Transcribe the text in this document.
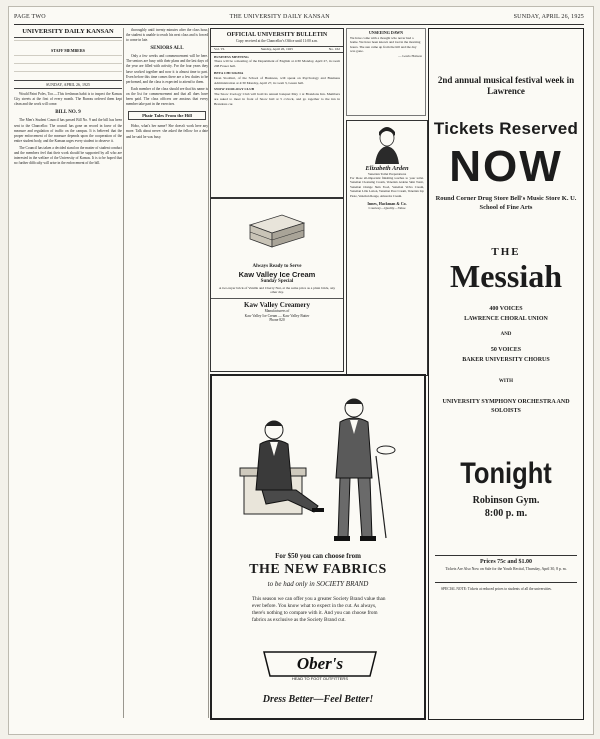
PAGE TWO	THE UNIVERSITY DAILY KANSAN	SUNDAY, APRIL 26, 1925
UNIVERSITY DAILY KANSAN
STAFF MEMBERS
SUNDAY, APRIL 26, 1925

Would Paint Poles, Too.—This freshman habit is to inspect the Kansas City streets at the first of every month. The Bureau ordered them kept clean and the work will come.

BILL NO. 9

The Men's Student Council has passed Bill No. 9 and the bill has been sent to the Chancellor. The council has gone on record in favor of the measure and regulation of traffic on the campus. It is believed that the proper enforcement of the measure depends upon the cooperation of the entire student body, and the Kansan urges every student to observe it.

The Council has taken a decided stand on the matter of student conduct and the members feel that their work should be supported by all who are interested in the welfare of the University of Kansas. It is to be hoped that no further difficulty will arise in the enforcement of the bill.

thoroughly until twenty minutes after the class hour, the student is unable to reach his next class and is forced to come in late.

SENIORS ALL

Only a few weeks and commencement will be here. The seniors are busy with their plans and the last days of the year are filled with activity. For the four years they have worked together and now it is almost time to part. Even before this time comes there are a few duties to be performed, and the class is expected to attend to them.

Each member of the class should see that his name is on the list for commencement and that all dues have been paid. The class officers are anxious that every member take part in the exercises.

Phair Tales From the Hill

Hobo, what's her name? She doesn't work here any more. Talk about nerve: she asked the fellow for a date and he said he was busy.

OFFICIAL UNIVERSITY BULLETIN
Copy received at the Chancellor's Office until 11:00 a.m.
Vol. VI.	Sunday, April 26, 1925	No. 162
BUSINESS MEETING
There will be a meeting of the Department of English at 4:30 Monday, April 27, in room 208 Fraser hall.
BETA CHI SIGMA
Dean Stoddart, of the School of Business, will speak on Psychology and Business Administration at 4:30 Monday, April 27, in room 3, Green hall.
SNOW ZOOLOGY CLUB
The Snow Zoology Club will hold its annual banquet May 1 at Brandons Inn. Members are asked to meet in front of Snow hall at 5 o'clock, and go together to the inn in Brandons car.
Always Ready to Serve
Kaw Valley Ice Cream
Sunday Special
A two-layer brick of Vanilla and Cherry Nut, at the same price as a plain brick, any other day.
Kaw Valley Creamery
Manufacturers of
Kaw Valley Ice Cream — Kaw Valley Butter
Phone 820
UNSEEING DAWN
We have come with a thought who never had a home. We have been known and lost in the morning hours. The sun came up from the hill and the day was gone.
— Lewis Hobson
Elizabeth Arden
Venetian Toilet Preparations
For those all-important finishing touches to your toilet. Venetian Cleansing Cream, Venetian Ardena Skin Tonic, Venetian Orange Skin Food, Venetian Velva Cream, Venetian Lille Lotion, Venetian Pore Cream, Venetian Lip Paste, Venetian Rouge, Amoretta Cream.
Innes, Hackman & Co.
Courtesy—Quality—Value
2nd annual musical festival week in Lawrence
Tickets Reserved
NOW
Round Corner Drug Store Bell's Music Store K. U. School of Fine Arts
THE
Messiah
400 VOICES
LAWRENCE CHORAL UNION
AND
50 VOICES
BAKER UNIVERSITY CHORUS
WITH
UNIVERSITY SYMPHONY ORCHESTRA AND SOLOISTS
Tonight
Robinson Gym.
8:00 p. m.
Prices 75c and $1.00
Tickets Are Also Now on Sale for the Youth Recital, Thursday, April 30, 8 p. m.
SPECIAL NOTE: Tickets at reduced prices to students of all the universities.
For $50 you can choose from
THE NEW FABRICS
to be had only in SOCIETY BRAND
This season we can offer you a greater Society Brand value than ever before. You know what to expect in the cut. As always, there's nothing to compare with it. And you can choose from fabrics as exclusive as the Society Brand cut.
Ober's
HEAD TO FOOT OUTFITTERS
Dress Better—Feel Better!
